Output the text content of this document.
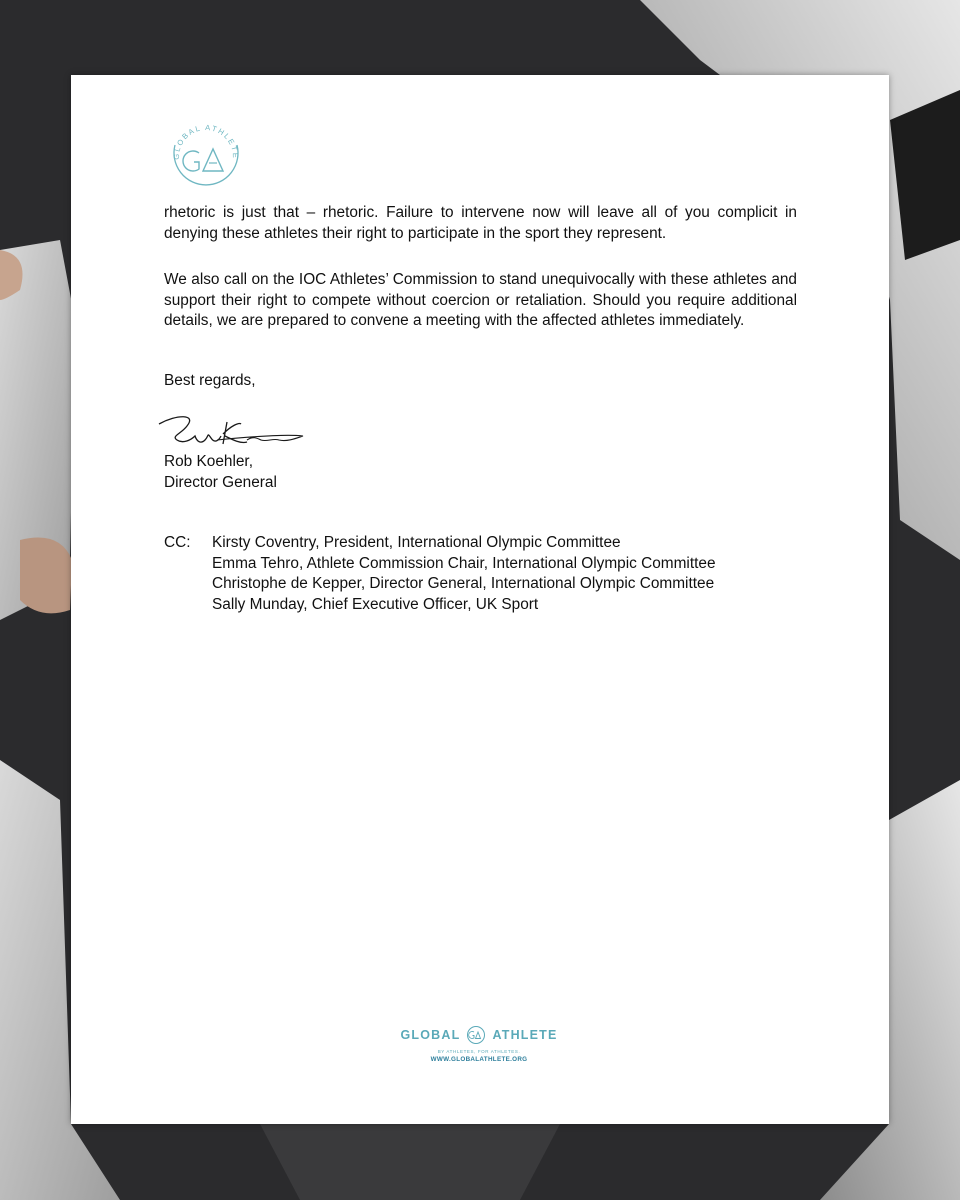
GLOBAL ATHLETE

rhetoric is just that – rhetoric. Failure to intervene now will leave all of you complicit in denying these athletes their right to participate in the sport they represent.

We also call on the IOC Athletes’ Commission to stand unequivocally with these athletes and support their right to compete without coercion or retaliation. Should you require additional details, we are prepared to convene a meeting with the affected athletes immediately.

Best regards,

Rob Koehler,
Director General
CC:	Kirsty Coventry, President, International Olympic Committee
Emma Tehro, Athlete Commission Chair, International Olympic Committee
Christophe de Kepper, Director General, International Olympic Committee
Sally Munday, Chief Executive Officer, UK Sport
GLOBAL	ATHLETE
BY ATHLETES, FOR ATHLETES.
WWW.GLOBALATHLETE.ORG
